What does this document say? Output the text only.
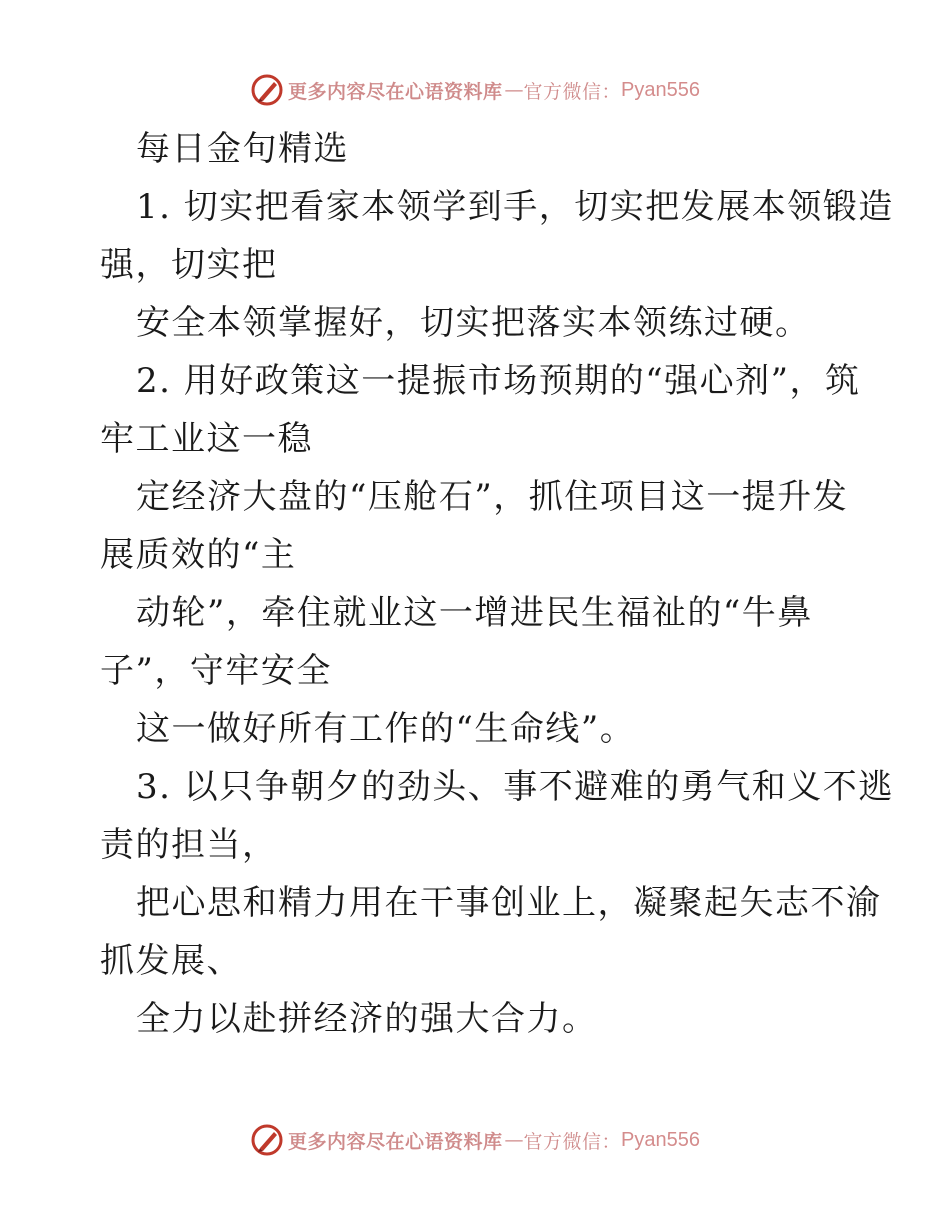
更多内容尽在心语资料库 — 官方微信： Pyan556
每日金句精选
1. 切实把看家本领学到手，切实把发展本领锻造
强，切实把
安全本领掌握好，切实把落实本领练过硬。
2. 用好政策这一提振市场预期的“强心剂”，筑
牢工业这一稳
定经济大盘的“压舱石”，抓住项目这一提升发
展质效的“主
动轮”，牵住就业这一增进民生福祉的“牛鼻
子”，守牢安全
这一做好所有工作的“生命线”。
3. 以只争朝夕的劲头、事不避难的勇气和义不逃
责的担当，
把心思和精力用在干事创业上，凝聚起矢志不渝
抓发展、
全力以赴拼经济的强大合力。
更多内容尽在心语资料库 — 官方微信： Pyan556
